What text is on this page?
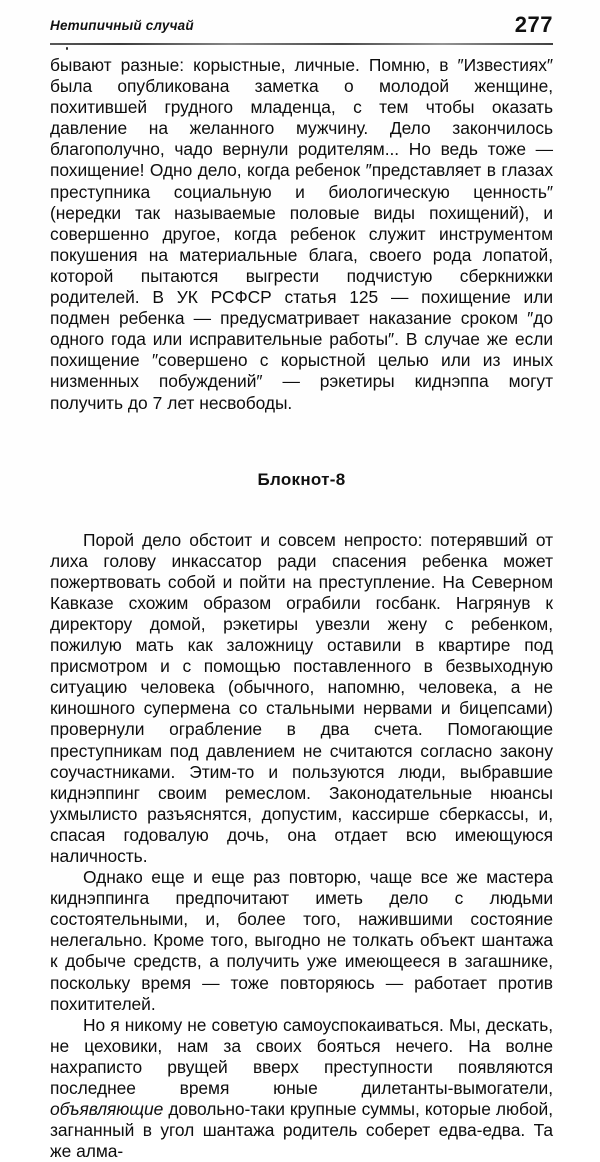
Нетипичный случай	277

бывают разные: корыстные, личные. Помню, в ″Известиях″ была опубликована заметка о молодой женщине, похитившей грудного младенца, с тем чтобы оказать давление на желанного мужчину. Дело закончилось благополучно, чадо вернули родителям... Но ведь тоже — похищение! Одно дело, когда ребенок ″представляет в глазах преступника социальную и биологическую ценность″ (нередки так называемые половые виды похищений), и совершенно другое, когда ребенок служит инструментом покушения на материальные блага, своего рода лопатой, которой пытаются выгрести подчистую сберкнижки родителей. В УК РСФСР статья 125 — похищение или подмен ребенка — предусматривает наказание сроком ″до одного года или исправительные работы″. В случае же если похищение ″совершено с корыстной целью или из иных низменных побуждений″ — рэкетиры киднэппа могут получить до 7 лет несвободы.

Блокнот-8

Порой дело обстоит и совсем непросто: потерявший от лиха голову инкассатор ради спасения ребенка может пожертвовать собой и пойти на преступление. На Северном Кавказе схожим образом ограбили госбанк. Нагрянув к директору домой, рэкетиры увезли жену с ребенком, пожилую мать как заложницу оставили в квартире под присмотром и с помощью поставленного в безвыходную ситуацию человека (обычного, напомню, человека, а не киношного супермена со стальными нервами и бицепсами) провернули ограбление в два счета. Помогающие преступникам под давлением не считаются согласно закону соучастниками. Этим-то и пользуются люди, выбравшие киднэппинг своим ремеслом. Законодательные нюансы ухмылисто разъяснятся, допустим, кассирше сберкассы, и, спасая годовалую дочь, она отдает всю имеющуюся наличность.

Однако еще и еще раз повторю, чаще все же мастера киднэппинга предпочитают иметь дело с людьми состоятельными, и, более того, нажившими состояние нелегально. Кроме того, выгодно не толкать объект шантажа к добыче средств, а получить уже имеющееся в загашнике, поскольку время — тоже повторяюсь — работает против похитителей.

Но я никому не советую самоуспокаиваться. Мы, дескать, не цеховики, нам за своих бояться нечего. На волне нахраписто рвущей вверх преступности появляются последнее время юные дилетанты-вымогатели, объявляющие довольно-таки крупные суммы, которые любой, загнанный в угол шантажа родитель соберет едва-едва. Та же алма-
